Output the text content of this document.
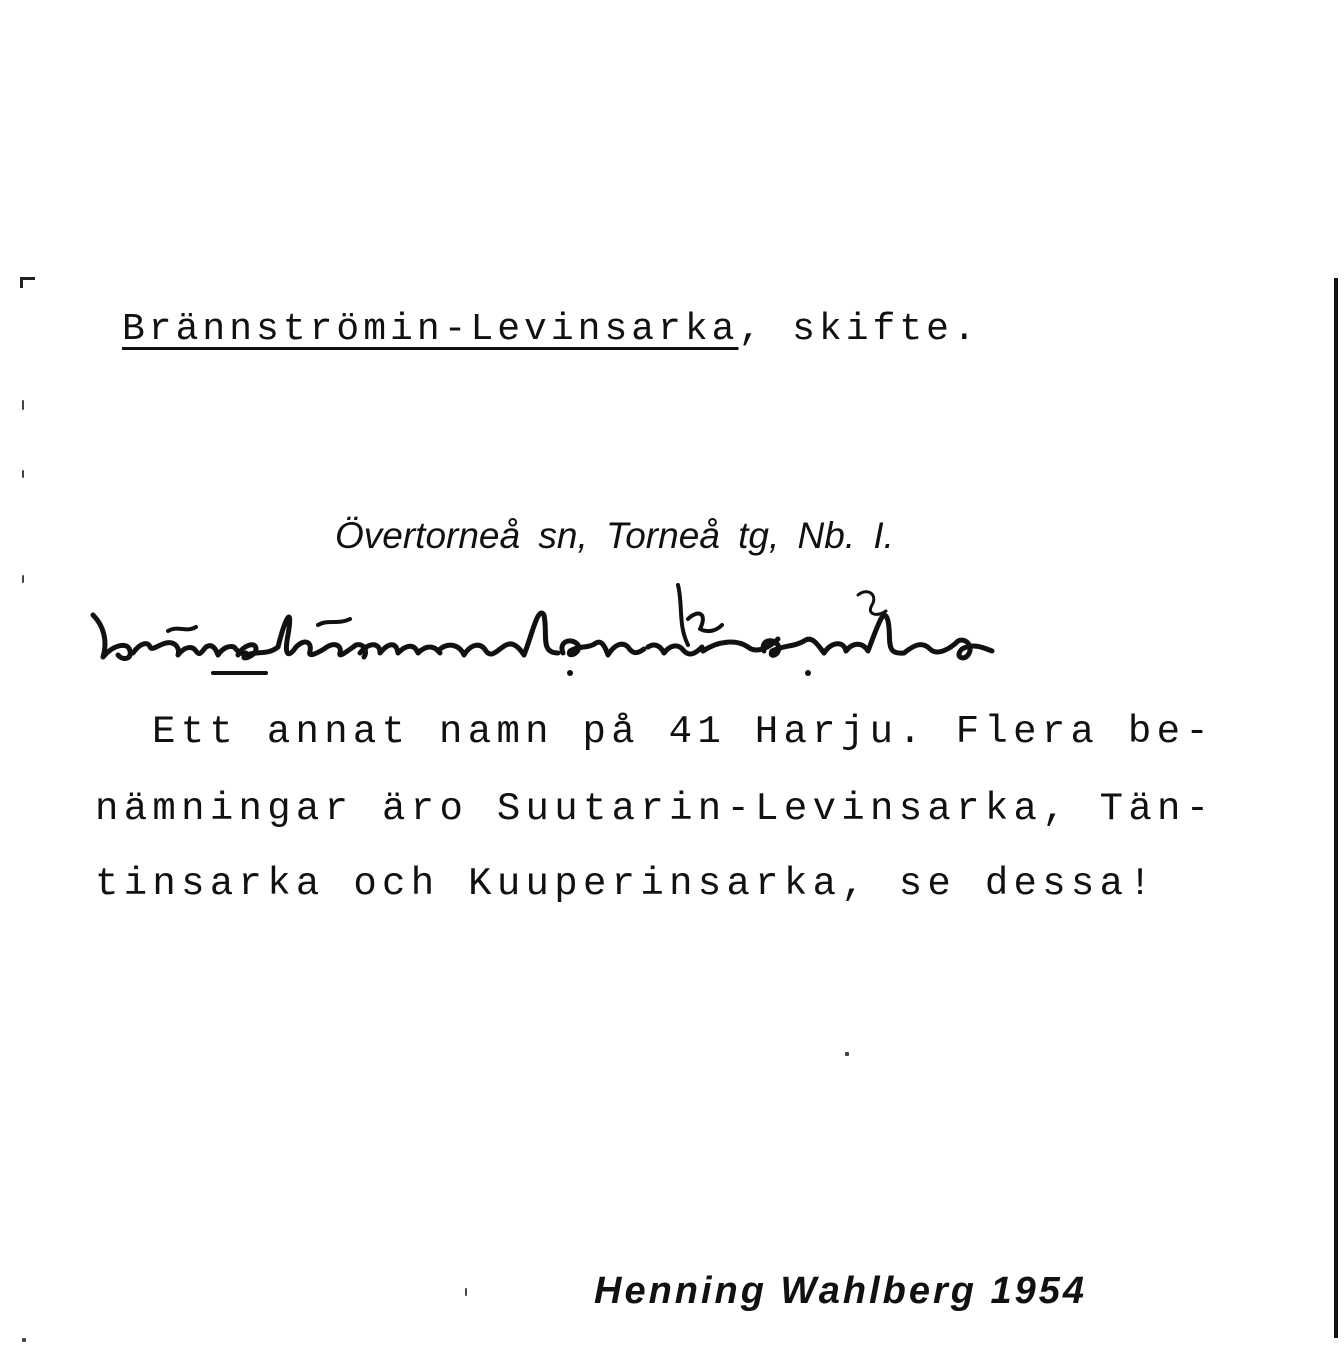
Brännströmin-Levinsarka, skifte.
Övertorneå sn, Torneå tg, Nb. I.
Ett annat namn på 41 Harju. Flera be-
nämningar äro Suutarin-Levinsarka, Tän-
tinsarka och Kuuperinsarka, se dessa!
Henning Wahlberg 1954
